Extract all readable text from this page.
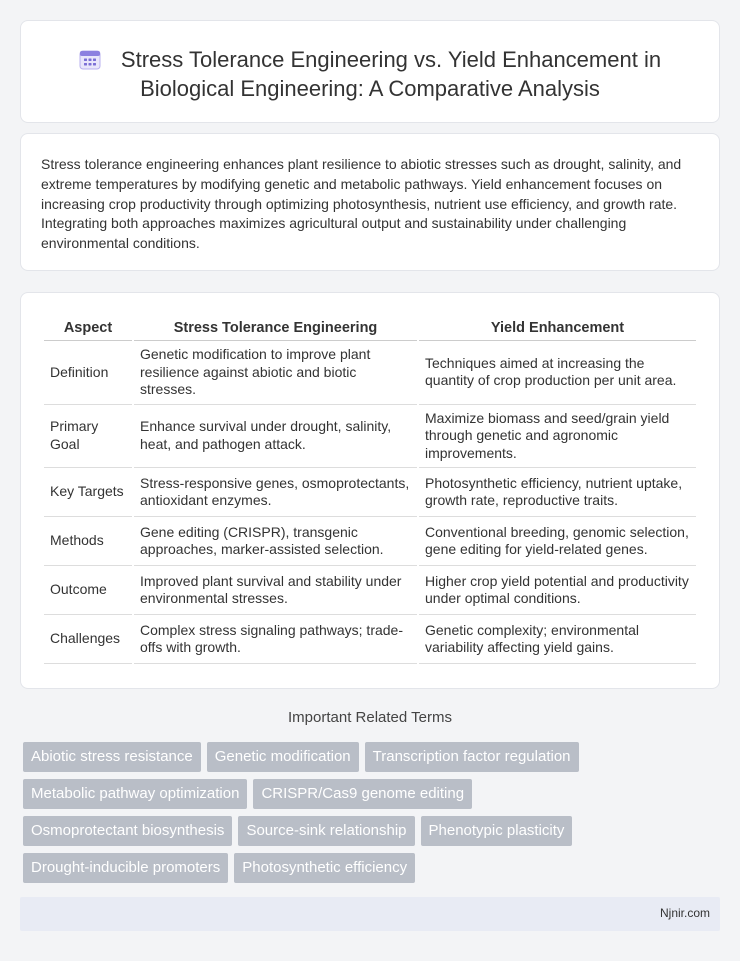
Stress Tolerance Engineering vs. Yield Enhancement in Biological Engineering: A Comparative Analysis

Stress tolerance engineering enhances plant resilience to abiotic stresses such as drought, salinity, and extreme temperatures by modifying genetic and metabolic pathways. Yield enhancement focuses on increasing crop productivity through optimizing photosynthesis, nutrient use efficiency, and growth rate. Integrating both approaches maximizes agricultural output and sustainability under challenging environmental conditions.

Aspect	Stress Tolerance Engineering	Yield Enhancement
Definition	Genetic modification to improve plant resilience against abiotic and biotic stresses.	Techniques aimed at increasing the quantity of crop production per unit area.
Primary Goal	Enhance survival under drought, salinity, heat, and pathogen attack.	Maximize biomass and seed/grain yield through genetic and agronomic improvements.
Key Targets	Stress-responsive genes, osmoprotectants, antioxidant enzymes.	Photosynthetic efficiency, nutrient uptake, growth rate, reproductive traits.
Methods	Gene editing (CRISPR), transgenic approaches, marker-assisted selection.	Conventional breeding, genomic selection, gene editing for yield-related genes.
Outcome	Improved plant survival and stability under environmental stresses.	Higher crop yield potential and productivity under optimal conditions.
Challenges	Complex stress signaling pathways; trade-offs with growth.	Genetic complexity; environmental variability affecting yield gains.
Important Related Terms
Abiotic stress resistance	Genetic modification	Transcription factor regulation
Metabolic pathway optimization	CRISPR/Cas9 genome editing
Osmoprotectant biosynthesis	Source-sink relationship	Phenotypic plasticity
Drought-inducible promoters	Photosynthetic efficiency
Njnir.com
